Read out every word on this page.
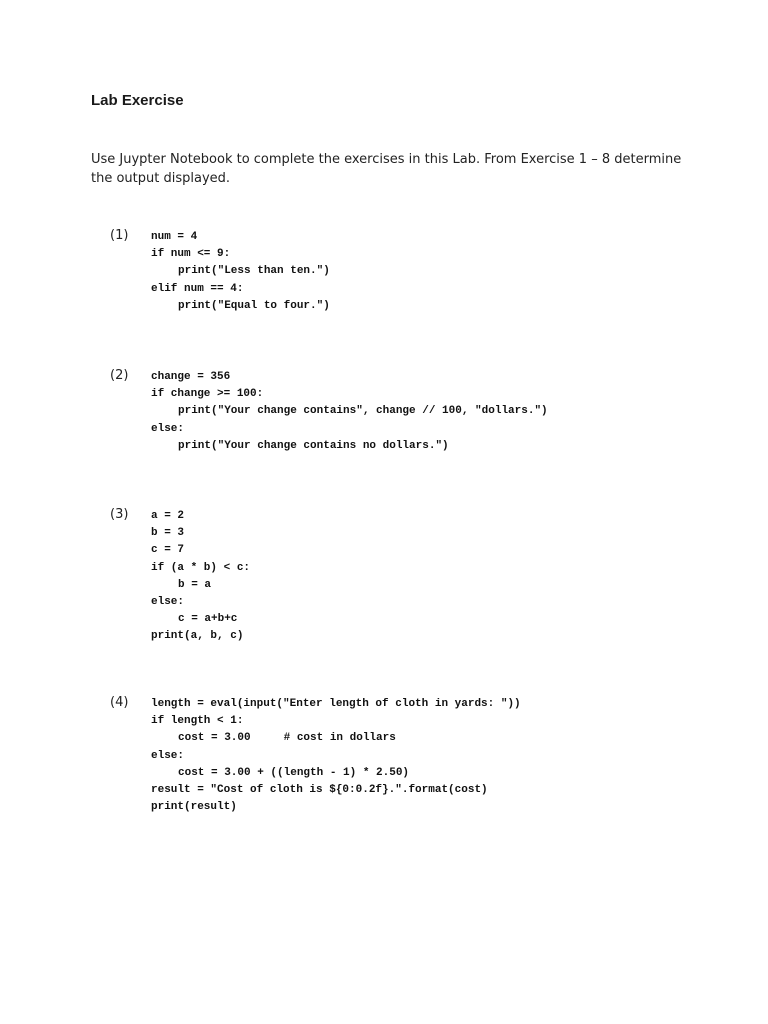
Lab Exercise
Use Juypter Notebook to complete the exercises in this Lab. From Exercise 1 – 8 determine the output displayed.
(1) num = 4
if num <= 9:
print("Less than ten.")
elif num == 4:
print("Equal to four.")
(2) change = 356
if change >= 100:
print("Your change contains", change // 100, "dollars.")
else:
print("Your change contains no dollars.")
(3) a = 2
b = 3
c = 7
if (a * b) < c:
b = a
else:
c = a+b+c
print(a, b, c)
(4) length = eval(input("Enter length of cloth in yards: "))
if length < 1:
cost = 3.00     # cost in dollars
else:
cost = 3.00 + ((length - 1) * 2.50)
result = "Cost of cloth is ${0:0.2f}.".format(cost)
print(result)
